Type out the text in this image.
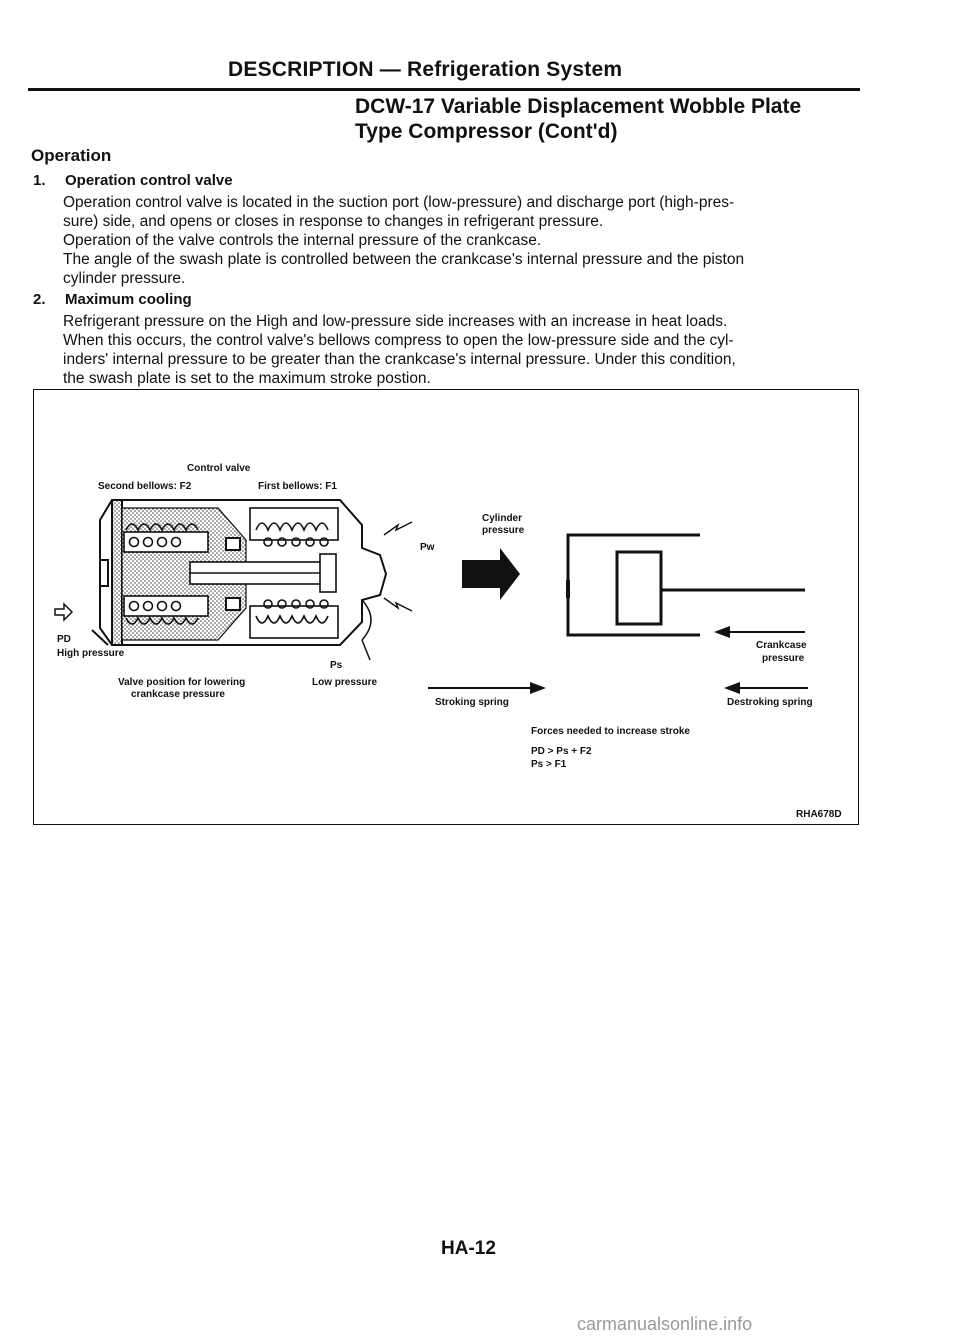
DESCRIPTION — Refrigeration System
DCW-17 Variable Displacement Wobble Plate
Type Compressor (Cont'd)
Operation
1. Operation control valve
Operation control valve is located in the suction port (low-pressure) and discharge port (high-pres-
sure) side, and opens or closes in response to changes in refrigerant pressure.
Operation of the valve controls the internal pressure of the crankcase.
The angle of the swash plate is controlled between the crankcase's internal pressure and the piston
cylinder pressure.
2. Maximum cooling
Refrigerant pressure on the High and low-pressure side increases with an increase in heat loads.
When this occurs, the control valve's bellows compress to open the low-pressure side and the cyl-
inders' internal pressure to be greater than the crankcase's internal pressure. Under this condition,
the swash plate is set to the maximum stroke postion.
Control valve
Second bellows: F2	First bellows: F1
Pw
PD
High pressure
Ps
Low pressure
Valve position for lowering
crankcase pressure
Cylinder
pressure
Crankcase
pressure
Stroking spring	Destroking spring
Forces needed to increase stroke
PD > Ps + F2
Ps > F1
RHA678D
HA-12
carmanualsonline.info
